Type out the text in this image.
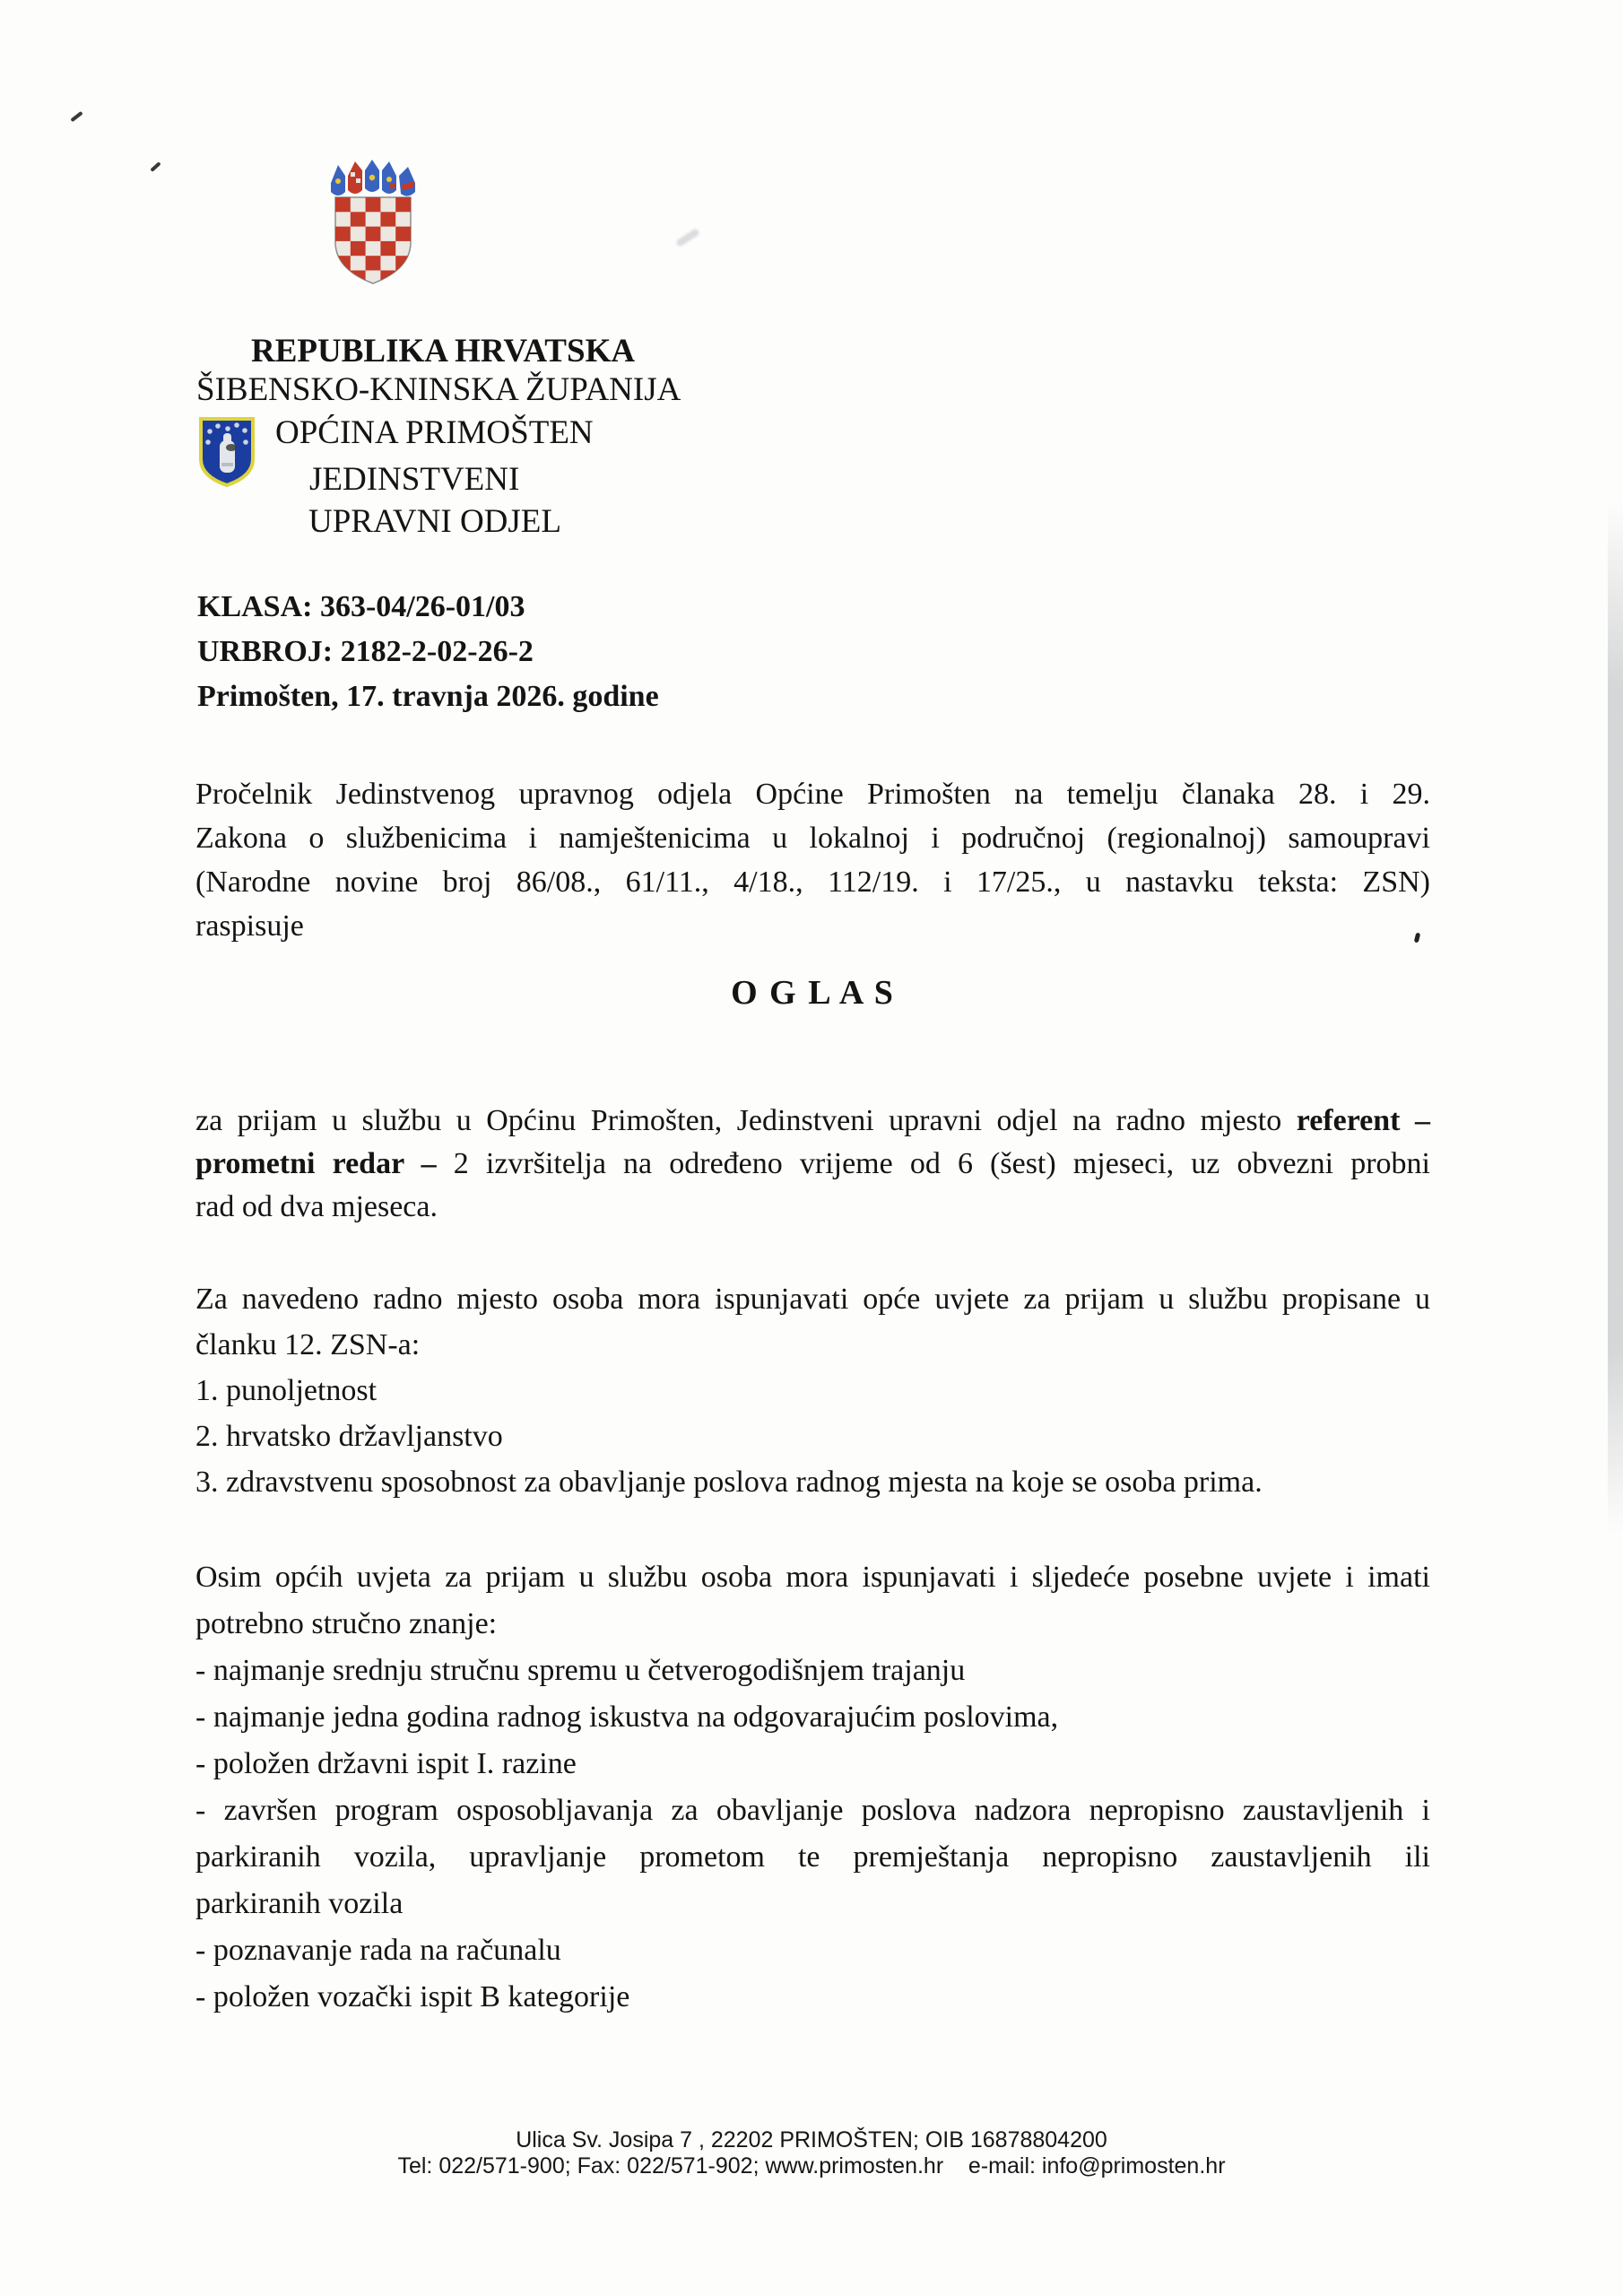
REPUBLIKA HRVATSKA
ŠIBENSKO-KNINSKA ŽUPANIJA
OPĆINA PRIMOŠTEN
JEDINSTVENI
UPRAVNI ODJEL
KLASA: 363-04/26-01/03
URBROJ: 2182-2-02-26-2
Primošten, 17. travnja 2026. godine
Pročelnik Jedinstvenog upravnog odjela Općine Primošten na temelju članaka 28. i 29.
Zakona o službenicima i namještenicima u lokalnoj i područnoj (regionalnoj) samoupravi
(Narodne novine broj 86/08., 61/11., 4/18., 112/19. i 17/25., u nastavku teksta: ZSN)
raspisuje
O G L A S
za prijam u službu u Općinu Primošten, Jedinstveni upravni odjel na radno mjesto referent –
prometni redar – 2 izvršitelja na određeno vrijeme od 6 (šest) mjeseci, uz obvezni probni
rad od dva mjeseca.
Za navedeno radno mjesto osoba mora ispunjavati opće uvjete za prijam u službu propisane u
članku 12. ZSN-a:
1. punoljetnost
2. hrvatsko državljanstvo
3. zdravstvenu sposobnost za obavljanje poslova radnog mjesta na koje se osoba prima.
Osim općih uvjeta za prijam u službu osoba mora ispunjavati i sljedeće posebne uvjete i imati
potrebno stručno znanje:
- najmanje srednju stručnu spremu u četverogodišnjem trajanju
- najmanje jedna godina radnog iskustva na odgovarajućim poslovima,
- položen državni ispit I. razine
- završen program osposobljavanja za obavljanje poslova nadzora nepropisno zaustavljenih i
parkiranih vozila, upravljanje prometom te premještanja nepropisno zaustavljenih ili
parkiranih vozila
- poznavanje rada na računalu
- položen vozački ispit B kategorije
Ulica Sv. Josipa 7 , 22202 PRIMOŠTEN; OIB 16878804200
Tel: 022/571-900; Fax: 022/571-902; www.primosten.hr    e-mail: info@primosten.hr
